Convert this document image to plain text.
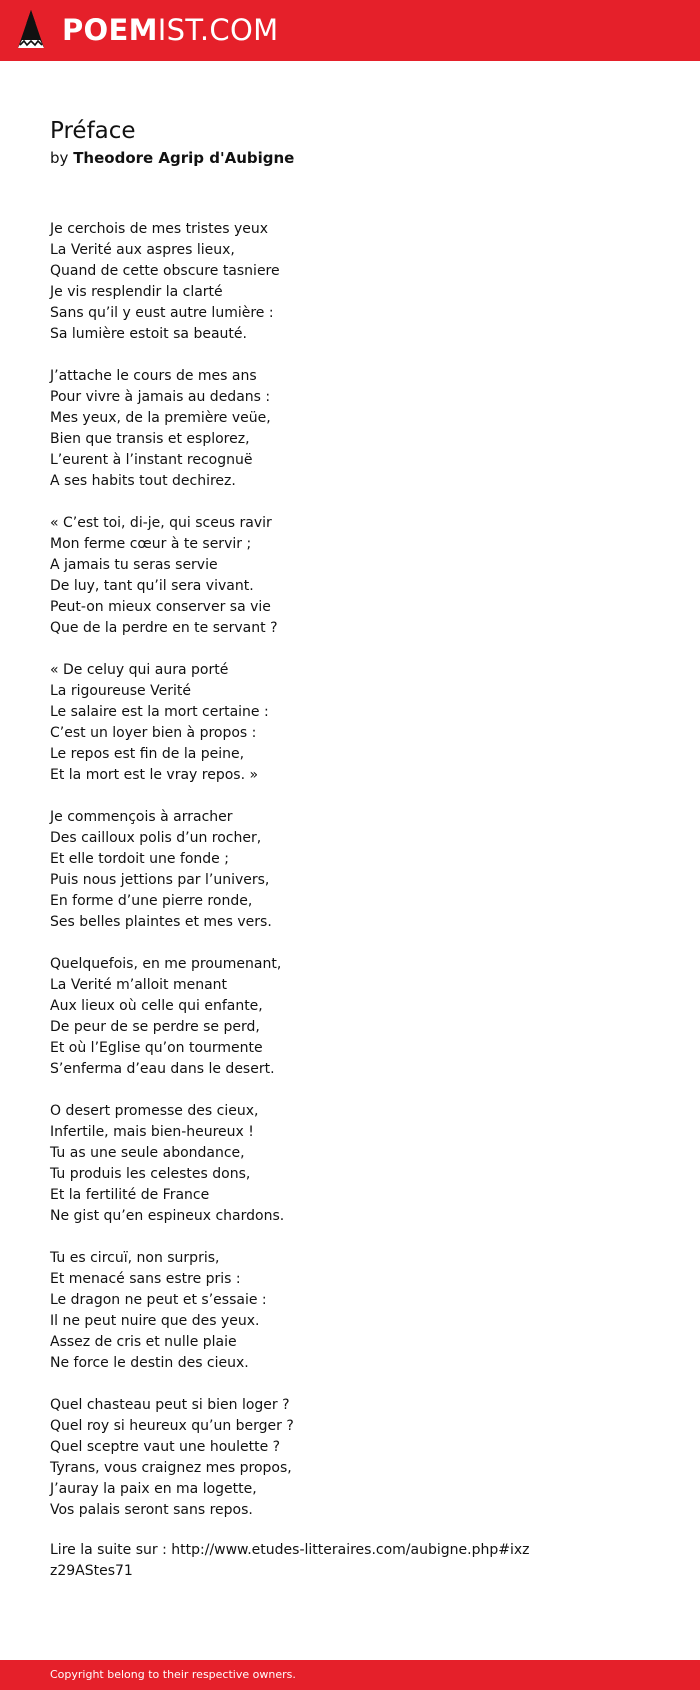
POEMIST.COM
Préface
by Theodore Agrip d'Aubigne
Je cerchois de mes tristes yeux
La Verité aux aspres lieux,
Quand de cette obscure tasniere
Je vis resplendir la clarté
Sans qu’il y eust autre lumière :
Sa lumière estoit sa beauté.
J’attache le cours de mes ans
Pour vivre à jamais au dedans :
Mes yeux, de la première veüe,
Bien que transis et esplorez,
L’eurent à l’instant recognuë
A ses habits tout dechirez.
« C’est toi, di-je, qui sceus ravir
Mon ferme cœur à te servir ;
A jamais tu seras servie
De luy, tant qu’il sera vivant.
Peut-on mieux conserver sa vie
Que de la perdre en te servant ?
« De celuy qui aura porté
La rigoureuse Verité
Le salaire est la mort certaine :
C’est un loyer bien à propos :
Le repos est fin de la peine,
Et la mort est le vray repos. »
Je commençois à arracher
Des cailloux polis d’un rocher,
Et elle tordoit une fonde ;
Puis nous jettions par l’univers,
En forme d’une pierre ronde,
Ses belles plaintes et mes vers.
Quelquefois, en me proumenant,
La Verité m’alloit menant
Aux lieux où celle qui enfante,
De peur de se perdre se perd,
Et où l’Eglise qu’on tourmente
S’enferma d’eau dans le desert.
O desert promesse des cieux,
Infertile, mais bien-heureux !
Tu as une seule abondance,
Tu produis les celestes dons,
Et la fertilité de France
Ne gist qu’en espineux chardons.
Tu es circuï, non surpris,
Et menacé sans estre pris :
Le dragon ne peut et s’essaie :
Il ne peut nuire que des yeux.
Assez de cris et nulle plaie
Ne force le destin des cieux.
Quel chasteau peut si bien loger ?
Quel roy si heureux qu’un berger ?
Quel sceptre vaut une houlette ?
Tyrans, vous craignez mes propos,
J’auray la paix en ma logette,
Vos palais seront sans repos.
Lire la suite sur : http://www.etudes-litteraires.com/aubigne.php#ixz
z29AStes71
Copyright belong to their respective owners.
